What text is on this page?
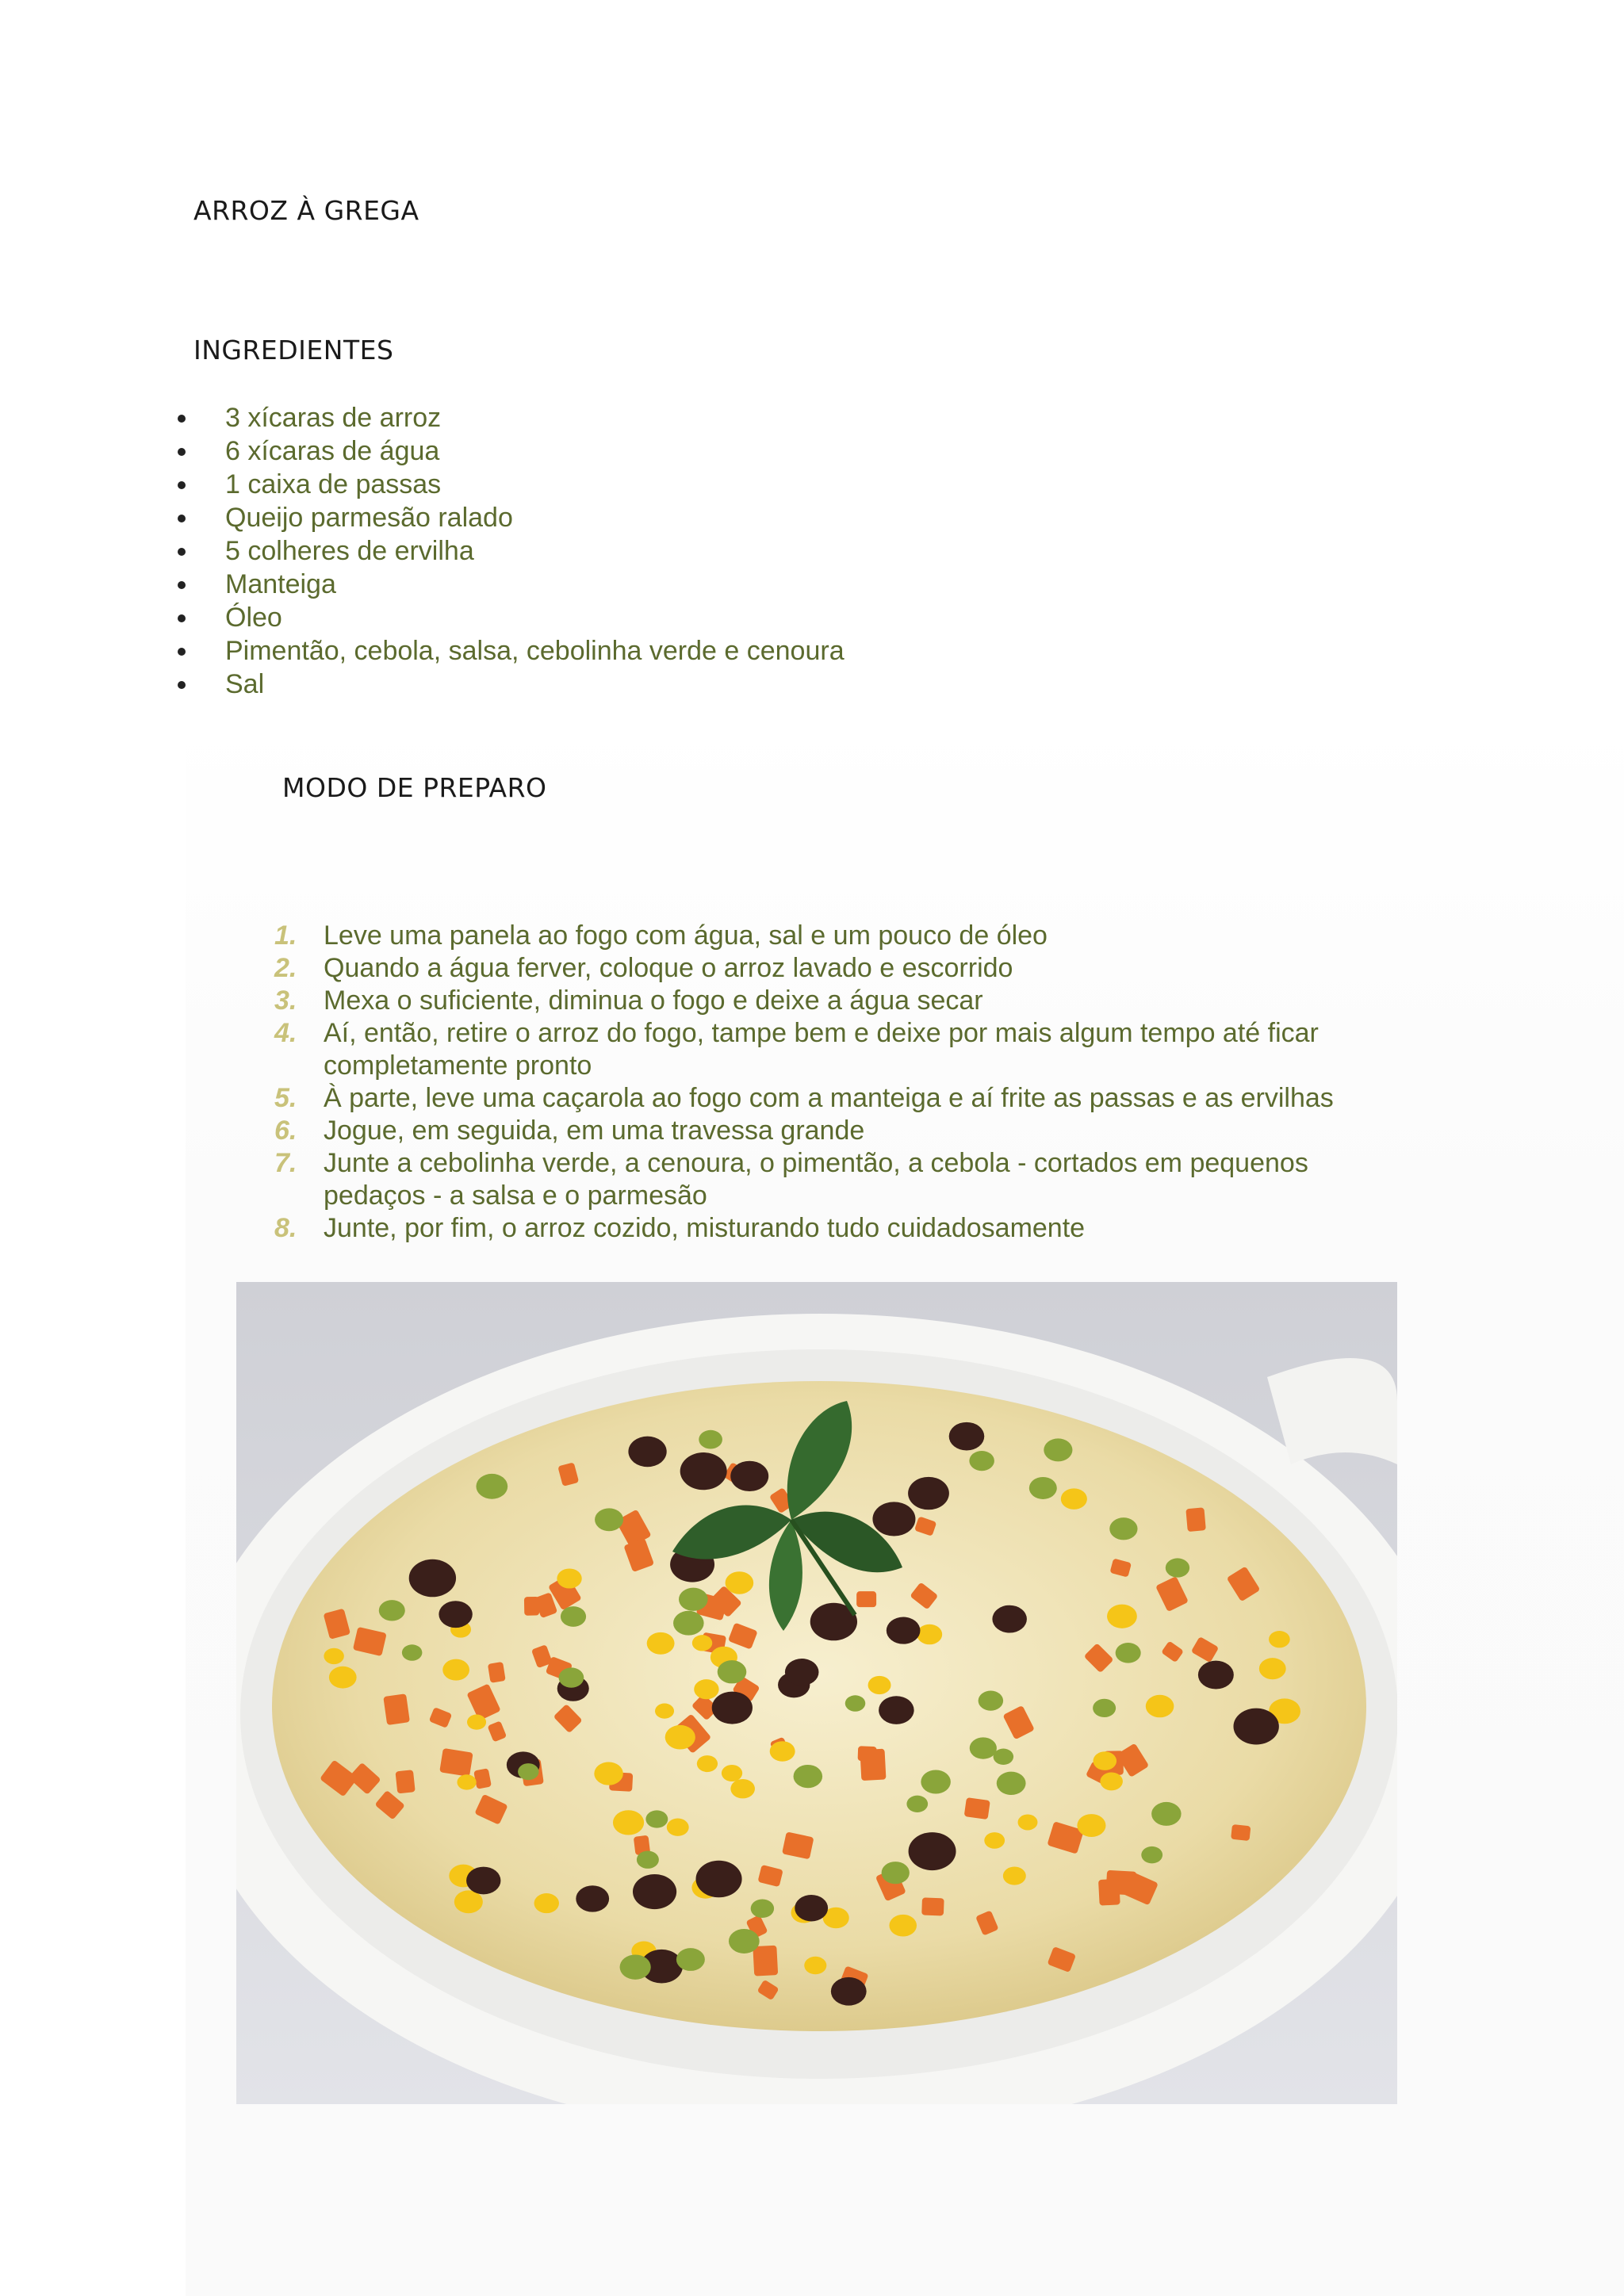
ARROZ À GREGA
INGREDIENTES
3 xícaras de arroz
6 xícaras de água
1 caixa de passas
Queijo parmesão ralado
5 colheres de ervilha
Manteiga
Óleo
Pimentão, cebola, salsa, cebolinha verde e cenoura
Sal
MODO DE PREPARO
1. Leve uma panela ao fogo com água, sal e um pouco de óleo
2. Quando a água ferver, coloque o arroz lavado e escorrido
3. Mexa o suficiente, diminua o fogo e deixe a água secar
4. Aí, então, retire o arroz do fogo, tampe bem e deixe por mais algum tempo até ficar completamente pronto
5. À parte, leve uma caçarola ao fogo com a manteiga e aí frite as passas e as ervilhas
6. Jogue, em seguida, em uma travessa grande
7. Junte a cebolinha verde, a cenoura, o pimentão, a cebola - cortados em pequenos pedaços - a salsa e o parmesão
8. Junte, por fim, o arroz cozido, misturando tudo cuidadosamente
